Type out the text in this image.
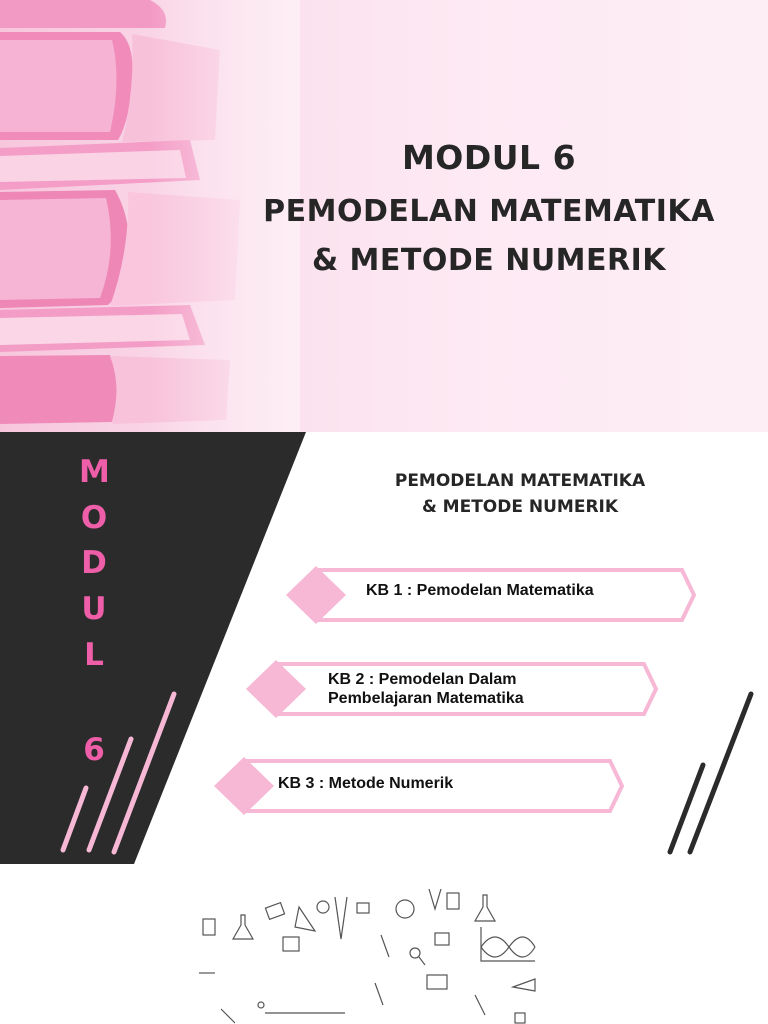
MODUL 6
PEMODELAN MATEMATIKA
& METODE NUMERIK
M
O
D
U
L
6
PEMODELAN MATEMATIKA
& METODE NUMERIK
KB 1 : Pemodelan Matematika
KB 2 : Pemodelan Dalam
Pembelajaran Matematika
KB 3 : Metode Numerik
